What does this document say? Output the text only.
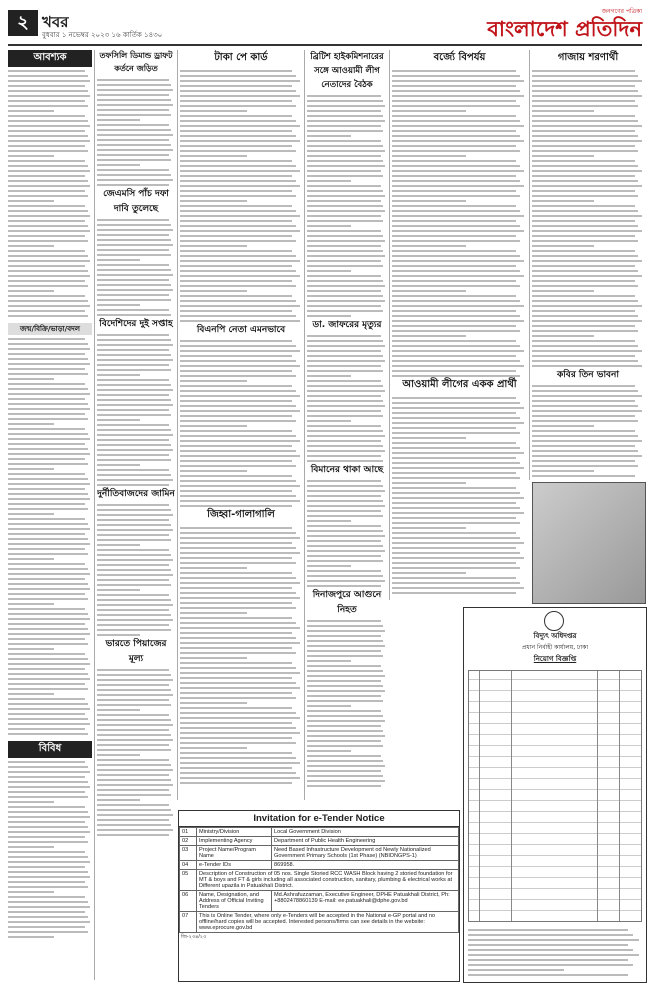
২ খবর
বুধবার ১ নভেম্বর ২০২৩ ১৬ কার্তিক ১৪৩০
জনগণের পত্রিকা
বাংলাদেশ প্রতিদিন
আবশ্যক
জন্ম/বিক্রি/ভাড়া/বদল
বিবিধ
তফসিলি ডিমান্ড ড্রাফট কর্তনে জড়িত
জেএমসি পাঁচ দফা দাবি তুলেছে
বিদেশিদের দুই সপ্তাহ
দুর্নীতিবাজদের জামিন
ভারতে পিয়াজের মূল্য
টাকা পে কার্ড
বিএনপি নেতা এমনভাবে
জিহ্বা-গালাগালি
ব্রিটিশ হাইকমিশনারের সঙ্গে আওয়ামী লীগ নেতাদের বৈঠক
ডা. জাফরের মৃত্যুর
বিমানের থাকা আছে
দিনাজপুরে আগুনে নিহত
বর্জ্যে বিপর্যয়
আওয়ামী লীগের একক প্রার্থী
গাজায় শরণার্থী
কবির তিন ভাবনা
বিদ্যুৎ অধিদপ্তর
প্রধান নির্বাহী কার্যালয়, ঢাকা
নিয়োগ বিজ্ঞপ্তি
Invitation for e-Tender Notice
01	Ministry/Division	Local Government Division
02	Implementing Agency	Department of Public Health Engineering
03	Project Name/Program Name	Need Based Infrastructure Development od Newly Nationalized Government Primary Schools (1st Phase) (NBIDNGPS-1)
04	e-Tender IDs	869958.
05	Description of Construction of 05 nos. Single Storied RCC WASH Block having 2 storied foundation for MT & boys and FT & girls including all associated construction, sanitary, plumbing & electrical works at Different upazila in Patuakhali District.	
06	Name, Designation, and Address of Official Inviting Tenders	Md.Ashrafuzzaman, Executive Engineer, DPHE Patuakhali District, Ph: +8802478860139 E-mail: ee.patuakhali@dphe.gov.bd
07	This is Online Tender, where only e-Tenders will be accepted in the National e-GP portal and no offline/hard copies will be accepted. Interested persons/firms can see details in the website: www.eprocure.gov.bd	
জি-২৩৪/২৩
